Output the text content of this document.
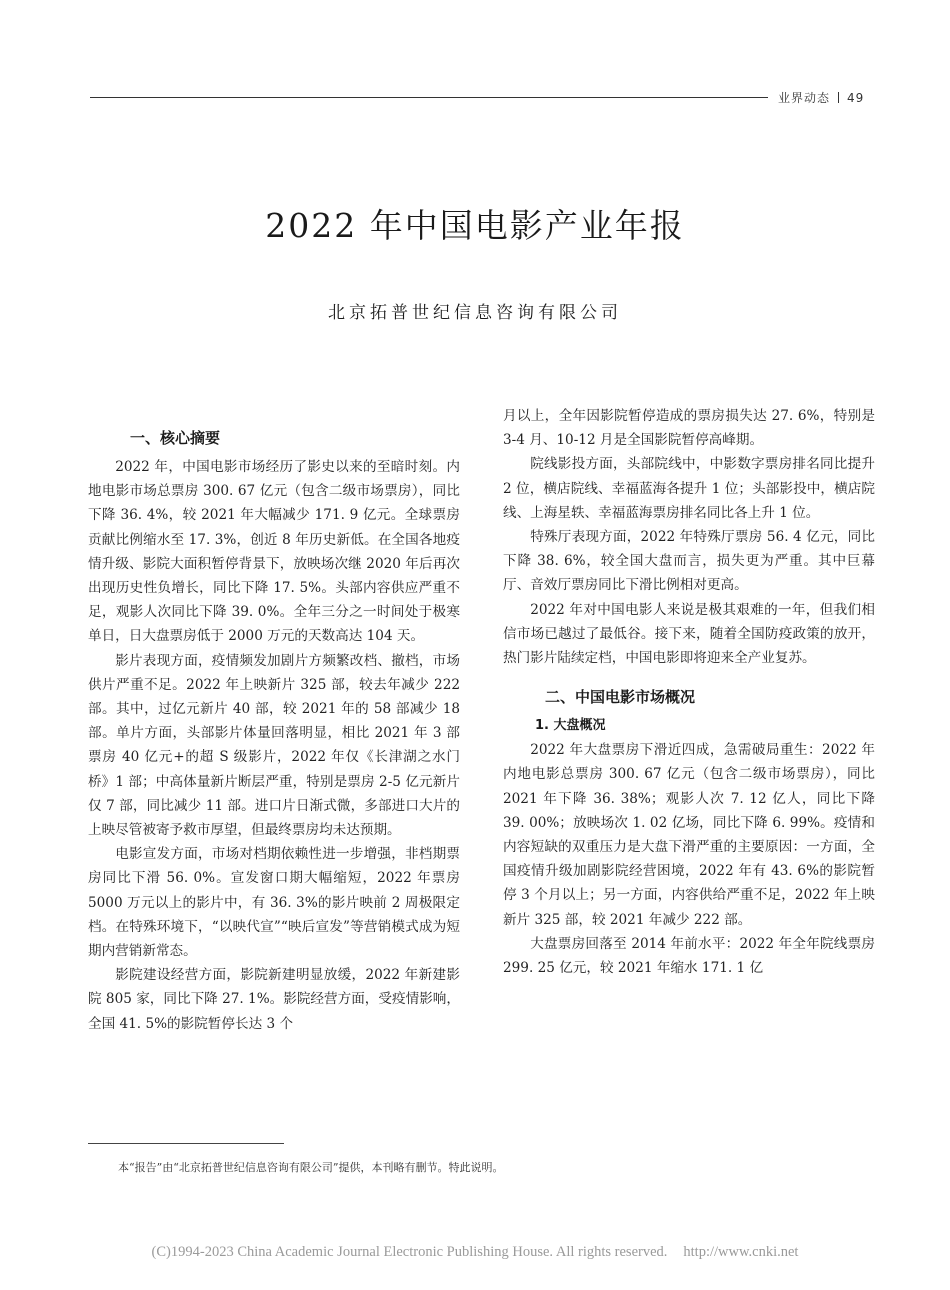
业界动态 49
2022 年中国电影产业年报
北京拓普世纪信息咨询有限公司
一、核心摘要

2022 年，中国电影市场经历了影史以来的至暗时刻。内地电影市场总票房 300. 67 亿元（包含二级市场票房），同比下降 36. 4%，较 2021 年大幅减少 171. 9 亿元。全球票房贡献比例缩水至 17. 3%，创近 8 年历史新低。在全国各地疫情升级、影院大面积暂停背景下，放映场次继 2020 年后再次出现历史性负增长，同比下降 17. 5%。头部内容供应严重不足，观影人次同比下降 39. 0%。全年三分之一时间处于极寒单日，日大盘票房低于 2000 万元的天数高达 104 天。

影片表现方面，疫情频发加剧片方频繁改档、撤档，市场供片严重不足。2022 年上映新片 325 部，较去年减少 222 部。其中，过亿元新片 40 部，较 2021 年的 58 部减少 18 部。单片方面，头部影片体量回落明显，相比 2021 年 3 部票房 40 亿元+的超 S 级影片，2022 年仅《长津湖之水门桥》1 部；中高体量新片断层严重，特别是票房 2-5 亿元新片仅 7 部，同比减少 11 部。进口片日渐式微，多部进口大片的上映尽管被寄予救市厚望，但最终票房均未达预期。

电影宣发方面，市场对档期依赖性进一步增强，非档期票房同比下滑 56. 0%。宣发窗口期大幅缩短，2022 年票房 5000 万元以上的影片中，有 36. 3%的影片映前 2 周极限定档。在特殊环境下，“以映代宣”“映后宣发”等营销模式成为短期内营销新常态。

影院建设经营方面，影院新建明显放缓，2022 年新建影院 805 家，同比下降 27. 1%。影院经营方面，受疫情影响，全国 41. 5%的影院暂停长达 3 个

月以上，全年因影院暂停造成的票房损失达 27. 6%，特别是 3-4 月、10-12 月是全国影院暂停高峰期。

院线影投方面，头部院线中，中影数字票房排名同比提升 2 位，横店院线、幸福蓝海各提升 1 位；头部影投中，横店院线、上海星轶、幸福蓝海票房排名同比各上升 1 位。

特殊厅表现方面，2022 年特殊厅票房 56. 4 亿元，同比下降 38. 6%，较全国大盘而言，损失更为严重。其中巨幕厅、音效厅票房同比下滑比例相对更高。

2022 年对中国电影人来说是极其艰难的一年，但我们相信市场已越过了最低谷。接下来，随着全国防疫政策的放开，热门影片陆续定档，中国电影即将迎来全产业复苏。

二、中国电影市场概况
1. 大盘概况

2022 年大盘票房下滑近四成，急需破局重生：2022 年内地电影总票房 300. 67 亿元（包含二级市场票房），同比 2021 年下降 36. 38%；观影人次 7. 12 亿人，同比下降 39. 00%；放映场次 1. 02 亿场，同比下降 6. 99%。疫情和内容短缺的双重压力是大盘下滑严重的主要原因：一方面，全国疫情升级加剧影院经营困境，2022 年有 43. 6%的影院暂停 3 个月以上；另一方面，内容供给严重不足，2022 年上映新片 325 部，较 2021 年减少 222 部。

大盘票房回落至 2014 年前水平：2022 年全年院线票房 299. 25 亿元，较 2021 年缩水 171. 1 亿

本“报告”由“北京拓普世纪信息咨询有限公司”提供，本刊略有删节。特此说明。
(C)1994-2023 China Academic Journal Electronic Publishing House. All rights reserved. http://www.cnki.net
